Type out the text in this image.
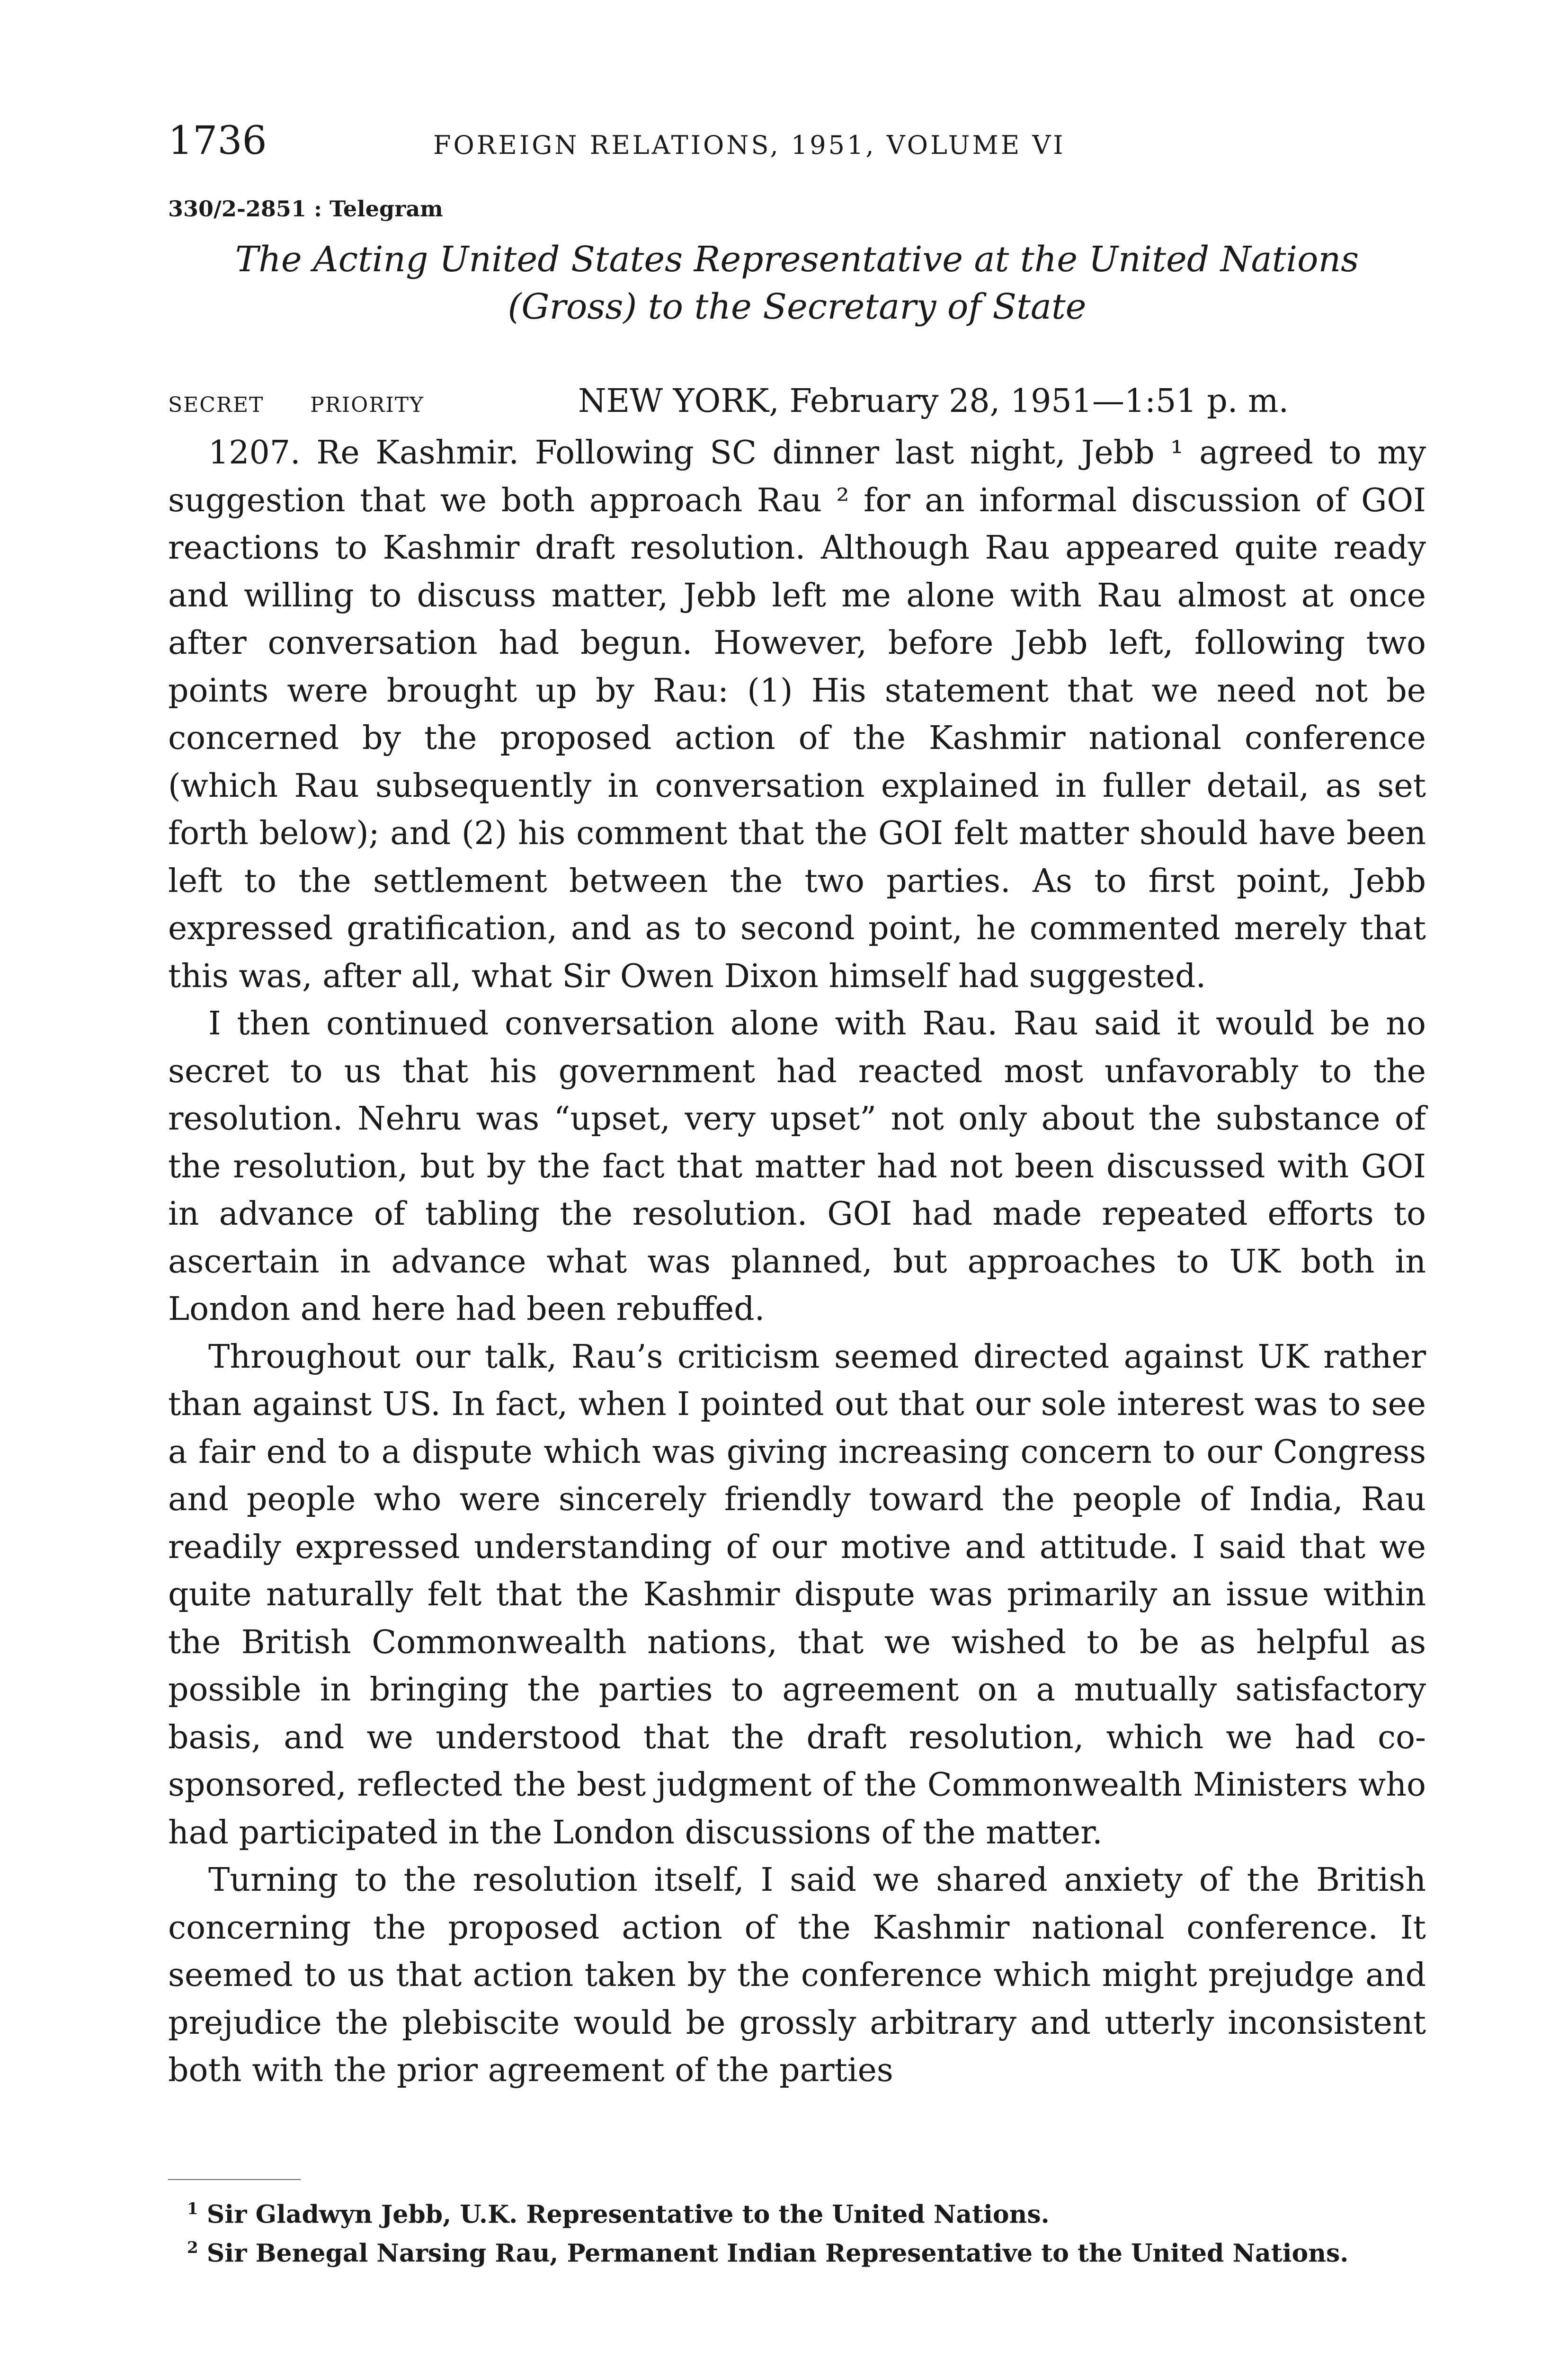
1736	FOREIGN RELATIONS, 1951, VOLUME VI
330/2-2851 : Telegram
The Acting United States Representative at the United Nations
(Gross) to the Secretary of State
SECRET	PRIORITY	NEW YORK, February 28, 1951—1:51 p. m.

1207. Re Kashmir. Following SC dinner last night, Jebb ¹ agreed to my suggestion that we both approach Rau ² for an informal discussion of GOI reactions to Kashmir draft resolution. Although Rau appeared quite ready and willing to discuss matter, Jebb left me alone with Rau almost at once after conversation had begun. However, before Jebb left, following two points were brought up by Rau: (1) His statement that we need not be concerned by the proposed action of the Kashmir national conference (which Rau subsequently in conversation explained in fuller detail, as set forth below); and (2) his comment that the GOI felt matter should have been left to the settlement between the two parties. As to first point, Jebb expressed gratification, and as to second point, he commented merely that this was, after all, what Sir Owen Dixon himself had suggested.

I then continued conversation alone with Rau. Rau said it would be no secret to us that his government had reacted most unfavorably to the resolution. Nehru was “upset, very upset” not only about the substance of the resolution, but by the fact that matter had not been discussed with GOI in advance of tabling the resolution. GOI had made repeated efforts to ascertain in advance what was planned, but approaches to UK both in London and here had been rebuffed.

Throughout our talk, Rau’s criticism seemed directed against UK rather than against US. In fact, when I pointed out that our sole interest was to see a fair end to a dispute which was giving increasing concern to our Congress and people who were sincerely friendly toward the people of India, Rau readily expressed understanding of our motive and attitude. I said that we quite naturally felt that the Kashmir dispute was primarily an issue within the British Commonwealth nations, that we wished to be as helpful as possible in bringing the parties to agreement on a mutually satisfactory basis, and we understood that the draft resolution, which we had co-sponsored, reflected the best judgment of the Commonwealth Ministers who had participated in the London discussions of the matter.

Turning to the resolution itself, I said we shared anxiety of the British concerning the proposed action of the Kashmir national conference. It seemed to us that action taken by the conference which might prejudge and prejudice the plebiscite would be grossly arbitrary and utterly inconsistent both with the prior agreement of the parties

$^1$ Sir Gladwyn Jebb, U.K. Representative to the United Nations.

$^2$ Sir Benegal Narsing Rau, Permanent Indian Representative to the United Nations.
